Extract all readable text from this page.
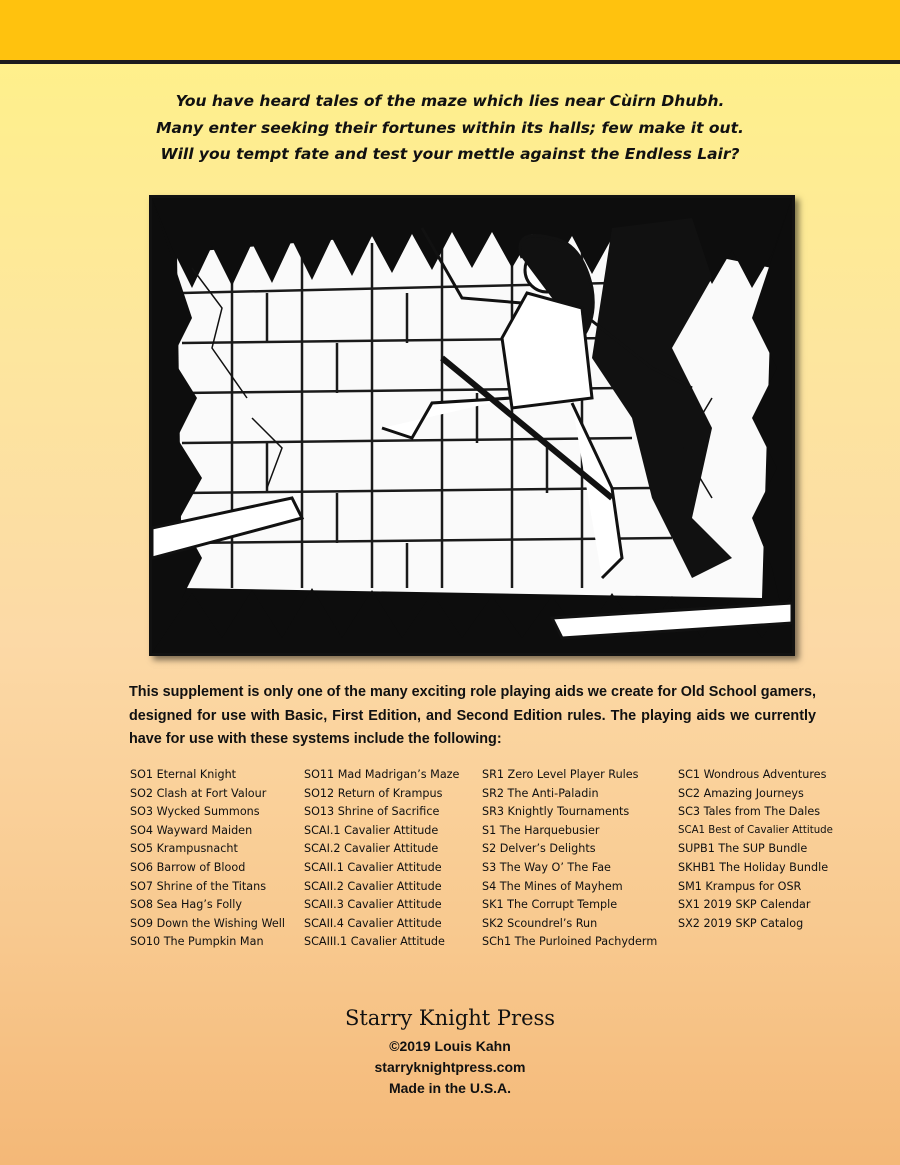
You have heard tales of the maze which lies near Cùirn Dhubh.
Many enter seeking their fortunes within its halls; few make it out.
Will you tempt fate and test your mettle against the Endless Lair?
This supplement is only one of the many exciting role playing aids we create for Old School gamers, designed for use with Basic, First Edition, and Second Edition rules. The playing aids we currently have for use with these systems include the following:
SO1 Eternal Knight
SO2 Clash at Fort Valour
SO3 Wycked Summons
SO4 Wayward Maiden
SO5 Krampusnacht
SO6 Barrow of Blood
SO7 Shrine of the Titans
SO8 Sea Hag’s Folly
SO9 Down the Wishing Well
SO10 The Pumpkin Man
SO11 Mad Madrigan’s Maze
SO12 Return of Krampus
SO13 Shrine of Sacrifice
SCAI.1 Cavalier Attitude
SCAI.2 Cavalier Attitude
SCAII.1 Cavalier Attitude
SCAII.2 Cavalier Attitude
SCAII.3 Cavalier Attitude
SCAII.4 Cavalier Attitude
SCAIII.1 Cavalier Attitude
SR1 Zero Level Player Rules
SR2 The Anti-Paladin
SR3 Knightly Tournaments
S1 The Harquebusier
S2 Delver’s Delights
S3 The Way O’ The Fae
S4 The Mines of Mayhem
SK1 The Corrupt Temple
SK2 Scoundrel’s Run
SCh1 The Purloined Pachyderm
SC1 Wondrous Adventures
SC2 Amazing Journeys
SC3 Tales from The Dales
SCA1 Best of Cavalier Attitude
SUPB1 The SUP Bundle
SKHB1 The Holiday Bundle
SM1 Krampus for OSR
SX1 2019 SKP Calendar
SX2 2019 SKP Catalog
Starry Knight Press
©2019 Louis Kahn
starryknightpress.com
Made in the U.S.A.
